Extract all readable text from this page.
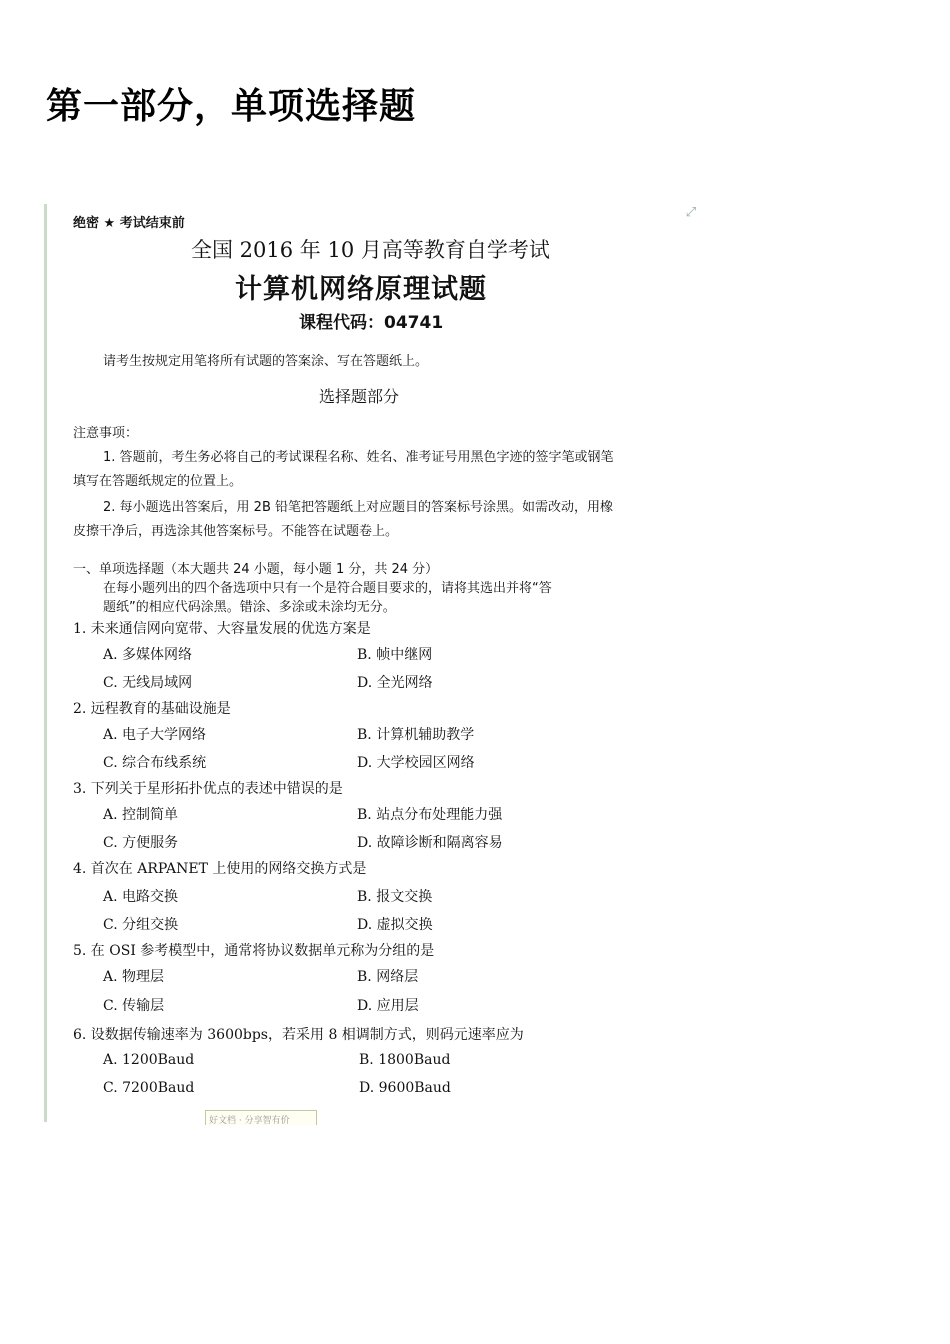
第一部分，单项选择题
⤢
绝密 ★ 考试结束前
全国 2016 年 10 月高等教育自学考试
计算机网络原理试题
课程代码：04741
请考生按规定用笔将所有试题的答案涂、写在答题纸上。
选择题部分
注意事项：
1. 答题前，考生务必将自己的考试课程名称、姓名、准考证号用黑色字迹的签字笔或钢笔
填写在答题纸规定的位置上。
2. 每小题选出答案后，用 2B 铅笔把答题纸上对应题目的答案标号涂黑。如需改动，用橡
皮擦干净后，再选涂其他答案标号。不能答在试题卷上。
一、单项选择题（本大题共 24 小题，每小题 1 分，共 24 分）
在每小题列出的四个备选项中只有一个是符合题目要求的，请将其选出并将“答
题纸”的相应代码涂黑。错涂、多涂或未涂均无分。
1. 未来通信网向宽带、大容量发展的优选方案是
A. 多媒体网络	B. 帧中继网
C. 无线局域网	D. 全光网络
2. 远程教育的基础设施是
A. 电子大学网络	B. 计算机辅助教学
C. 综合布线系统	D. 大学校园区网络
3. 下列关于星形拓扑优点的表述中错误的是
A. 控制简单	B. 站点分布处理能力强
C. 方便服务	D. 故障诊断和隔离容易
4. 首次在 ARPANET 上使用的网络交换方式是
A. 电路交换	B. 报文交换
C. 分组交换	D. 虚拟交换
5. 在 OSI 参考模型中，通常将协议数据单元称为分组的是
A. 物理层	B. 网络层
C. 传输层	D. 应用层
6. 设数据传输速率为 3600bps，若采用 8 相调制方式，则码元速率应为
A. 1200Baud	B. 1800Baud
C. 7200Baud	D. 9600Baud
好文档 · 分享智有价
